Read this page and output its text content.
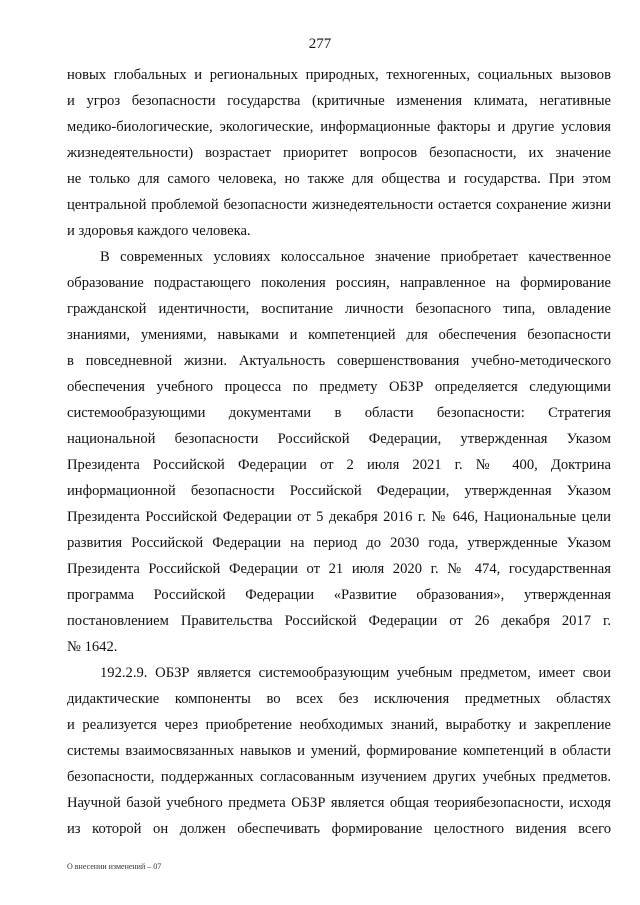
277
новых глобальных и региональных природных, техногенных, социальных вызовов
и угроз безопасности государства (критичные изменения климата, негативные
медико-биологические, экологические, информационные факторы и другие условия
жизнедеятельности) возрастает приоритет вопросов безопасности, их значение
не только для самого человека, но также для общества и государства. При этом
центральной проблемой безопасности жизнедеятельности остается сохранение жизни
и здоровья каждого человека.
В современных условиях колоссальное значение приобретает качественное
образование подрастающего поколения россиян, направленное на формирование
гражданской идентичности, воспитание личности безопасного типа, овладение
знаниями, умениями, навыками и компетенцией для обеспечения безопасности
в повседневной жизни. Актуальность совершенствования учебно-методического
обеспечения учебного процесса по предмету ОБЗР определяется следующими
системообразующими документами в области безопасности: Стратегия
национальной безопасности Российской Федерации, утвержденная Указом
Президента Российской Федерации от 2 июля 2021 г. № 400, Доктрина
информационной безопасности Российской Федерации, утвержденная Указом
Президента Российской Федерации от 5 декабря 2016 г. № 646, Национальные цели
развития Российской Федерации на период до 2030 года, утвержденные Указом
Президента Российской Федерации от 21 июля 2020 г. № 474, государственная
программа Российской Федерации «Развитие образования», утвержденная
постановлением Правительства Российской Федерации от 26 декабря 2017 г.
№ 1642.
192.2.9. ОБЗР является системообразующим учебным предметом, имеет свои
дидактические компоненты во всех без исключения предметных областях
и реализуется через приобретение необходимых знаний, выработку и закрепление
системы взаимосвязанных навыков и умений, формирование компетенций в области
безопасности, поддержанных согласованным изучением других учебных предметов.
Научной базой учебного предмета ОБЗР является общая теориябезопасности, исходя
из которой он должен обеспечивать формирование целостного видения всего
О внесении изменений – 07
